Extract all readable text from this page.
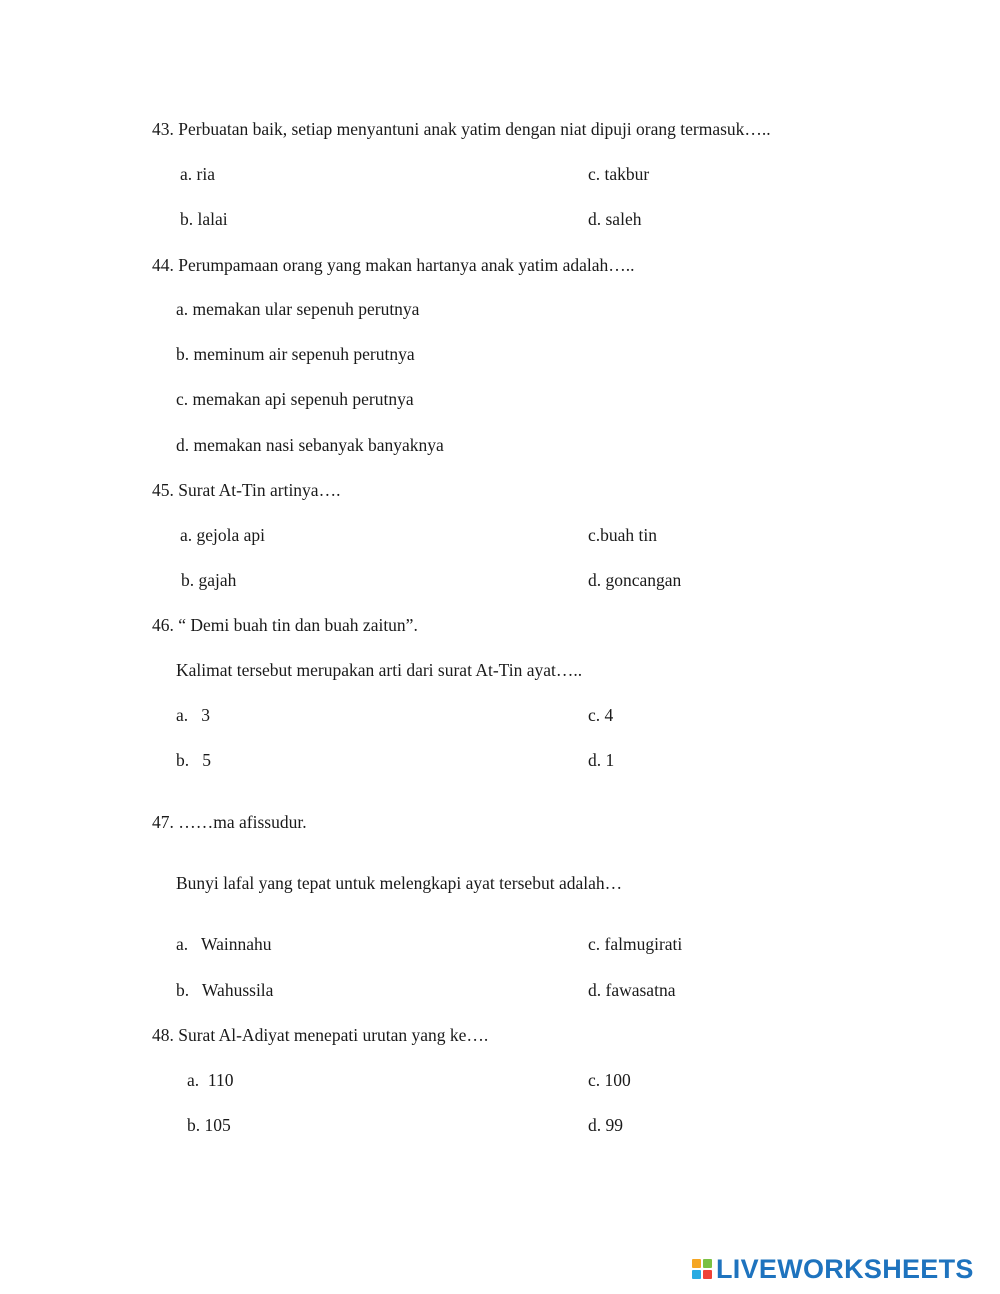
43. Perbuatan baik, setiap menyantuni anak yatim dengan niat dipuji orang termasuk…..
a. ria	c. takbur
b. lalai	d. saleh
44. Perumpamaan orang yang makan hartanya anak yatim adalah…..
a. memakan ular sepenuh perutnya
b. meminum air sepenuh perutnya
c. memakan api sepenuh perutnya
d. memakan nasi sebanyak banyaknya
45. Surat At-Tin artinya….
a. gejola api	c.buah tin
b. gajah	d. goncangan
46. “ Demi buah tin dan buah zaitun”.
Kalimat tersebut merupakan arti dari surat At-Tin ayat…..
a.   3	c. 4
b.   5	d. 1
47. ……ma afissudur.
Bunyi lafal yang tepat untuk melengkapi ayat tersebut adalah…
a.   Wainnahu	c. falmugirati
b.   Wahussila	d. fawasatna
48. Surat Al-Adiyat menepati urutan yang ke….
a.  110	c. 100
b. 105	d. 99
LIVEWORKSHEETS
